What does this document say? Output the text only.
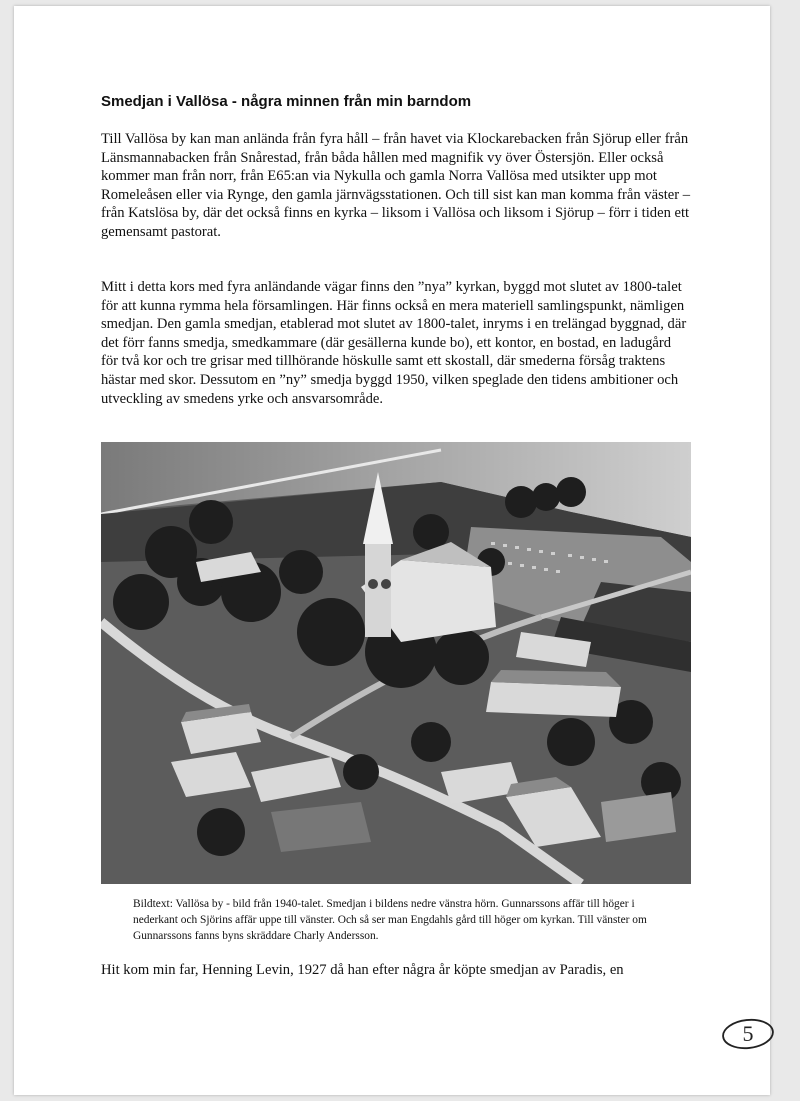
Smedjan i Vallösa - några minnen från min barndom

Till Vallösa by kan man anlända från fyra håll – från havet via Klockarebacken från Sjörup eller från Länsmannabacken från Snårestad, från båda hållen med magnifik vy över Östersjön. Eller också kommer man från norr, från E65:an via Nykulla och gamla Norra Vallösa med utsikter upp mot Romeleåsen eller via Rynge, den gamla järnvägsstationen. Och till sist kan man komma från väster – från Katslösa by, där det också finns en kyrka – liksom i Vallösa och liksom i Sjörup – förr i tiden ett gemensamt pastorat.

Mitt i detta kors med fyra anländande vägar finns den ”nya” kyrkan, byggd mot slutet av 1800-talet för att kunna rymma hela församlingen. Här finns också en mera materiell samlingspunkt, nämligen smedjan. Den gamla smedjan, etablerad mot slutet av 1800-talet, inryms i en trelängad byggnad, där det förr fanns smedja, smedkammare (där gesällerna kunde bo), ett kontor, en bostad, en ladugård för två kor och tre grisar med tillhörande höskulle samt ett skostall, där smederna försåg traktens hästar med skor. Dessutom en ”ny” smedja byggd 1950, vilken speglade den tidens ambitioner och utveckling av smedens yrke och ansvarsområde.

Bildtext: Vallösa by - bild från 1940-talet. Smedjan i bildens nedre vänstra hörn. Gunnarssons affär till höger i nederkant och Sjörins affär uppe till vänster. Och så ser man Engdahls gård till höger om kyrkan. Till vänster om Gunnarssons fanns byns skräddare Charly Andersson.

Hit kom min far, Henning Levin, 1927 då han efter några år köpte smedjan av Paradis, en

5
